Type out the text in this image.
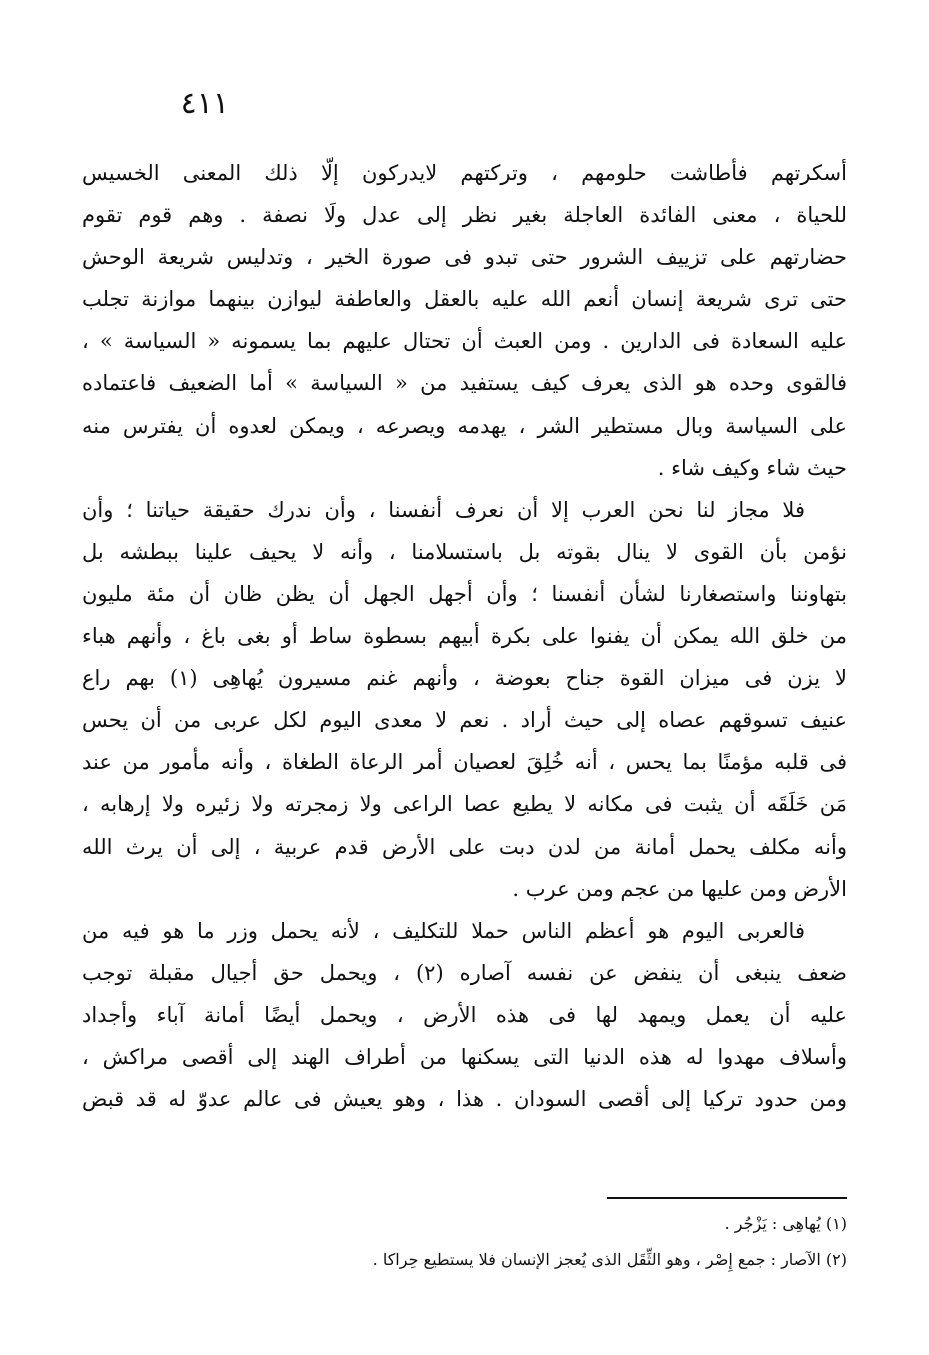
٤١١
أسكرتهم فأطاشت حلومهم ، وتركتهم لايدركون إلّا ذلك المعنى الخسيس
للحياة ، معنى الفائدة العاجلة بغير نظر إلى عدل ولَا نصفة . وهم قوم تقوم
حضارتهم على تزييف الشرور حتى تبدو فى صورة الخير ، وتدليس شريعة الوحش
حتى ترى شريعة إنسان أنعم الله عليه بالعقل والعاطفة ليوازن بينهما موازنة تجلب
عليه السعادة فى الدارين . ومن العبث أن تحتال عليهم بما يسمونه « السياسة » ،
فالقوى وحده هو الذى يعرف كيف يستفيد من « السياسة » أما الضعيف فاعتماده
على السياسة وبال مستطير الشر ، يهدمه ويصرعه ، ويمكن لعدوه أن يفترس منه
حيث شاء وكيف شاء .
فلا مجاز لنا نحن العرب إلا أن نعرف أنفسنا ، وأن ندرك حقيقة حياتنا ؛ وأن
نؤمن بأن القوى لا ينال بقوته بل باستسلامنا ، وأنه لا يحيف علينا ببطشه بل
بتهاوننا واستصغارنا لشأن أنفسنا ؛ وأن أجهل الجهل أن يظن ظان أن مئة مليون
من خلق الله يمكن أن يفنوا على بكرة أبيهم بسطوة ساط أو بغى باغ ، وأنهم هباء
لا يزن فى ميزان القوة جناح بعوضة ، وأنهم غنم مسيرون يُهاهِى (١) بهم راع
عنيف تسوقهم عصاه إلى حيث أراد . نعم لا معدى اليوم لكل عربى من أن يحس
فى قلبه مؤمنًا بما يحس ، أنه خُلِقَ لعصيان أمر الرعاة الطغاة ، وأنه مأمور من عند
مَن خَلَقَه أن يثبت فى مكانه لا يطيع عصا الراعى ولا زمجرته ولا زئيره ولا إرهابه ،
وأنه مكلف يحمل أمانة من لدن دبت على الأرض قدم عربية ، إلى أن يرث الله
الأرض ومن عليها من عجم ومن عرب .
فالعربى اليوم هو أعظم الناس حملا للتكليف ، لأنه يحمل وزر ما هو فيه من
ضعف ينبغى أن ينفض عن نفسه آصاره (٢) ، ويحمل حق أجيال مقبلة توجب
عليه أن يعمل ويمهد لها فى هذه الأرض ، ويحمل أيضًا أمانة آباء وأجداد
وأسلاف مهدوا له هذه الدنيا التى يسكنها من أطراف الهند إلى أقصى مراكش ،
ومن حدود تركيا إلى أقصى السودان . هذا ، وهو يعيش فى عالم عدوّ له قد قبض
(١) يُهاهِى : يَزْجُر .
(٢) الآصار : جمع إِصْر ، وهو الثِّقَل الذى يُعجز الإنسان فلا يستطيع حِراكا .
